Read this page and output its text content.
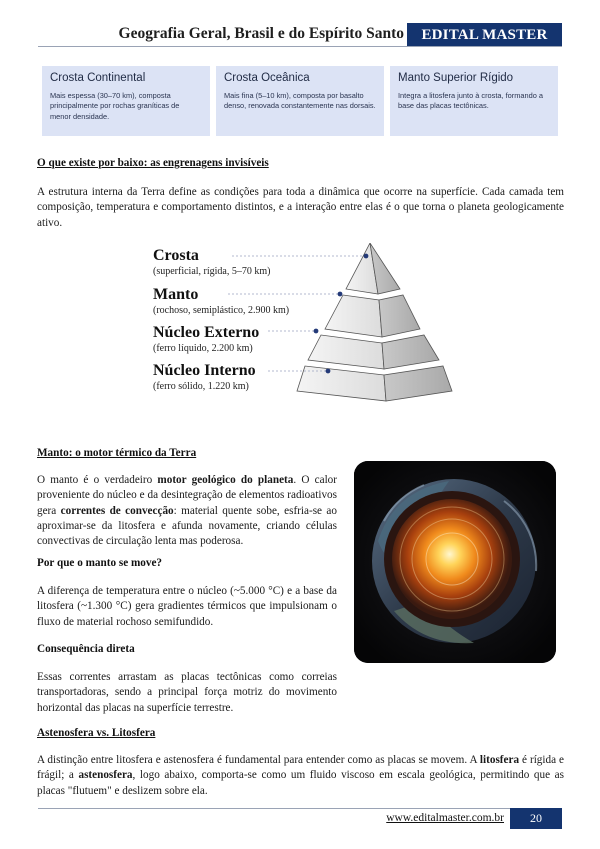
Geografia Geral, Brasil e do Espírito Santo	EDITAL MASTER
Crosta Continental
Mais espessa (30–70 km), composta principalmente por rochas graníticas de menor densidade.
Crosta Oceânica
Mais fina (5–10 km), composta por basalto denso, renovada constantemente nas dorsais.
Manto Superior Rígido
Integra a litosfera junto à crosta, formando a base das placas tectônicas.
O que existe por baixo: as engrenagens invisíveis
A estrutura interna da Terra define as condições para toda a dinâmica que ocorre na superfície. Cada camada tem composição, temperatura e comportamento distintos, e a interação entre elas é o que torna o planeta geologicamente ativo.
Crosta
(superficial, rígida, 5–70 km)
Manto
(rochoso, semiplástico, 2.900 km)
Núcleo Externo
(ferro líquido, 2.200 km)
Núcleo Interno
(ferro sólido, 1.220 km)
Manto: o motor térmico da Terra
O manto é o verdadeiro motor geológico do planeta. O calor proveniente do núcleo e da desintegração de elementos radioativos gera correntes de convecção: material quente sobe, esfria-se ao aproximar-se da litosfera e afunda novamente, criando células convectivas de circulação lenta mas poderosa.
Por que o manto se move?
A diferença de temperatura entre o núcleo (~5.000 °C) e a base da litosfera (~1.300 °C) gera gradientes térmicos que impulsionam o fluxo de material rochoso semifundido.
Consequência direta
Essas correntes arrastam as placas tectônicas como correias transportadoras, sendo a principal força motriz do movimento horizontal das placas na superfície terrestre.
Astenosfera vs. Litosfera
A distinção entre litosfera e astenosfera é fundamental para entender como as placas se movem. A litosfera é rígida e frágil; a astenosfera, logo abaixo, comporta-se como um fluido viscoso em escala geológica, permitindo que as placas "flutuem" e deslizem sobre ela.
www.editalmaster.com.br	20
